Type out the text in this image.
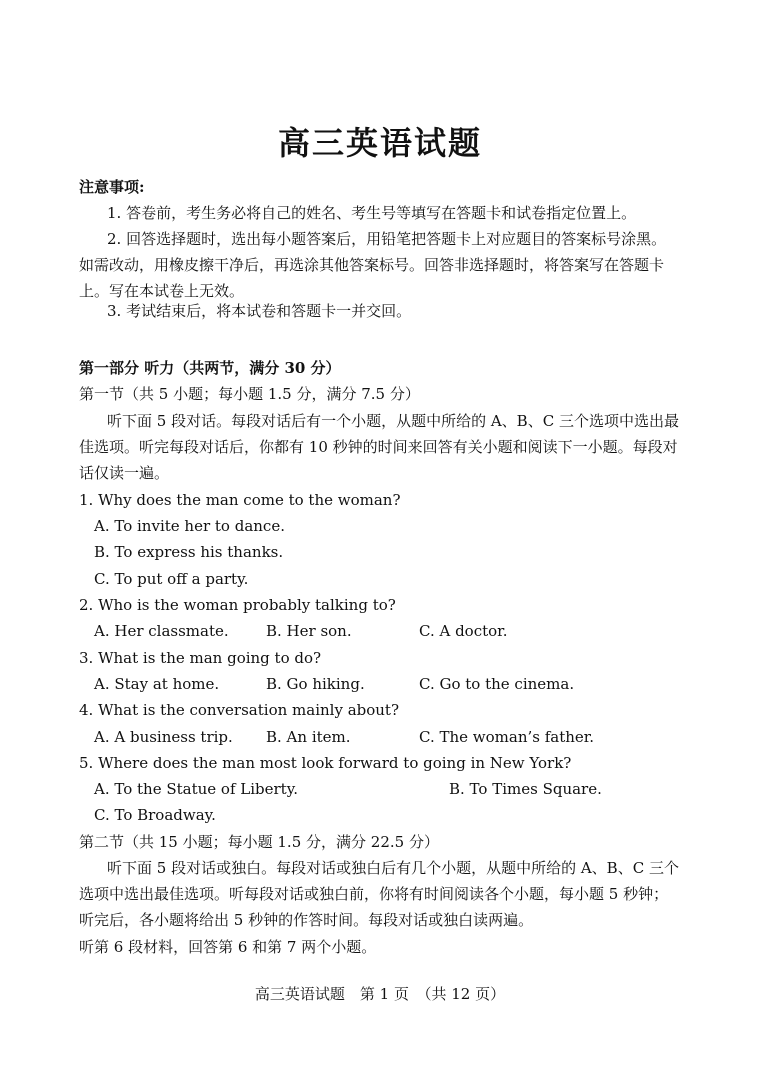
高三英语试题
注意事项:
1. 答卷前，考生务必将自己的姓名、考生号等填写在答题卡和试卷指定位置上。
2. 回答选择题时，选出每小题答案后，用铅笔把答题卡上对应题目的答案标号涂黑。
如需改动，用橡皮擦干净后，再选涂其他答案标号。回答非选择题时，将答案写在答题卡
上。写在本试卷上无效。
3. 考试结束后，将本试卷和答题卡一并交回。
第一部分 听力（共两节，满分 30 分）
第一节（共 5 小题；每小题 1.5 分，满分 7.5 分）
听下面 5 段对话。每段对话后有一个小题，从题中所给的 A、B、C 三个选项中选出最
佳选项。听完每段对话后，你都有 10 秒钟的时间来回答有关小题和阅读下一小题。每段对
话仅读一遍。
1. Why does the man come to the woman?
A. To invite her to dance.
B. To express his thanks.
C. To put off a party.
2. Who is the woman probably talking to?
A. Her classmate. B. Her son.	C. A doctor.
3. What is the man going to do?
A. Stay at home.	B. Go hiking.	C. Go to the cinema.
4. What is the conversation mainly about?
A. A business trip. B. An item.	C. The woman’s father.
5. Where does the man most look forward to going in New York?
A. To the Statue of Liberty.	B. To Times Square.
C. To Broadway.
第二节（共 15 小题；每小题 1.5 分，满分 22.5 分）
听下面 5 段对话或独白。每段对话或独白后有几个小题，从题中所给的 A、B、C 三个
选项中选出最佳选项。听每段对话或独白前，你将有时间阅读各个小题，每小题 5 秒钟；
听完后，各小题将给出 5 秒钟的作答时间。每段对话或独白读两遍。
听第 6 段材料，回答第 6 和第 7 两个小题。
高三英语试题　第 1 页　（共 12 页）
